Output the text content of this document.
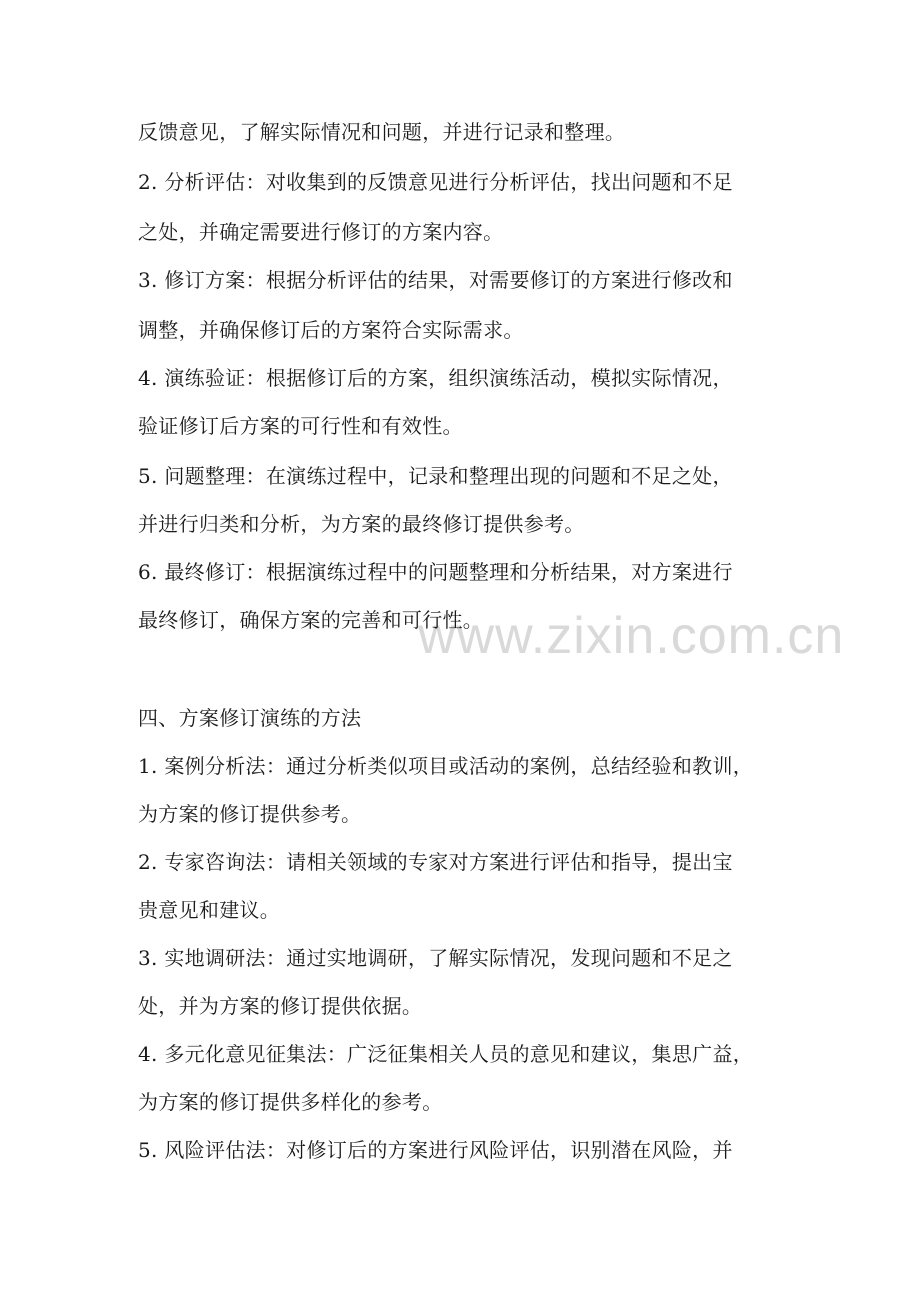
www.zixin.com.cn
反馈意见，了解实际情况和问题，并进行记录和整理。
2. 分析评估：对收集到的反馈意见进行分析评估，找出问题和不足
之处，并确定需要进行修订的方案内容。
3. 修订方案：根据分析评估的结果，对需要修订的方案进行修改和
调整，并确保修订后的方案符合实际需求。
4. 演练验证：根据修订后的方案，组织演练活动，模拟实际情况，
验证修订后方案的可行性和有效性。
5. 问题整理：在演练过程中，记录和整理出现的问题和不足之处，
并进行归类和分析，为方案的最终修订提供参考。
6. 最终修订：根据演练过程中的问题整理和分析结果，对方案进行
最终修订，确保方案的完善和可行性。
四、方案修订演练的方法
1. 案例分析法：通过分析类似项目或活动的案例，总结经验和教训，
为方案的修订提供参考。
2. 专家咨询法：请相关领域的专家对方案进行评估和指导，提出宝
贵意见和建议。
3. 实地调研法：通过实地调研，了解实际情况，发现问题和不足之
处，并为方案的修订提供依据。
4. 多元化意见征集法：广泛征集相关人员的意见和建议，集思广益，
为方案的修订提供多样化的参考。
5. 风险评估法：对修订后的方案进行风险评估，识别潜在风险，并
